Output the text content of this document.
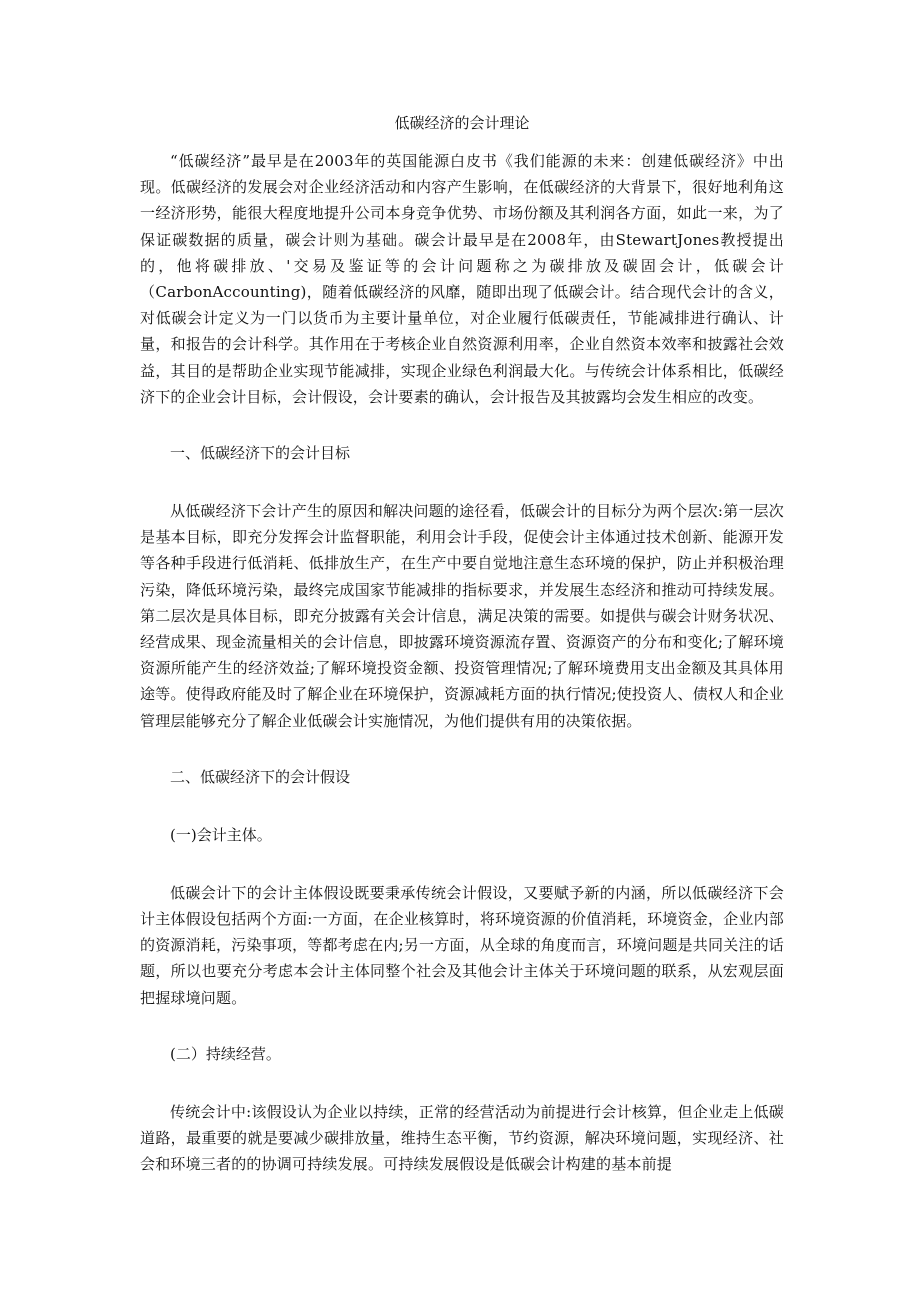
低碳经济的会计理论

“低碳经济”最早是在2003年的英国能源白皮书《我们能源的未来：创建低碳经济》中出现。低碳经济的发展会对企业经济活动和内容产生影响，在低碳经济的大背景下，很好地利角这一经济形势，能很大程度地提升公司本身竞争优势、市场份额及其利润各方面，如此一来，为了保证碳数据的质量，碳会计则为基础。碳会计最早是在2008年，由StewartJones教授提出的，他将碳排放、'交易及鉴证等的会计问题称之为碳排放及碳固会计，低碳会计（CarbonAccounting)，随着低碳经济的风靡，随即出现了低碳会计。结合现代会计的含义，对低碳会计定义为一门以货币为主要计量单位，对企业履行低碳责任，节能减排进行确认、计量，和报告的会计科学。其作用在于考核企业自然资源利用率，企业自然资本效率和披露社会效益，其目的是帮助企业实现节能减排，实现企业绿色利润最大化。与传统会计体系相比，低碳经济下的企业会计目标，会计假设，会计要素的确认，会计报告及其披露均会发生相应的改变。

一、低碳经济下的会计目标

从低碳经济下会计产生的原因和解决问题的途径看，低碳会计的目标分为两个层次:第一层次是基本目标，即充分发挥会计监督职能，利用会计手段，促使会计主体通过技术创新、能源开发等各种手段进行低消耗、低排放生产，在生产中要自觉地注意生态环境的保护，防止并积极治理污染，降低环境污染，最终完成国家节能减排的指标要求，并发展生态经济和推动可持续发展。第二层次是具体目标，即充分披露有关会计信息，满足决策的需要。如提供与碳会计财务状况、经营成果、现金流量相关的会计信息，即披露环境资源流存置、资源资产的分布和变化;了解环境资源所能产生的经济效益;了解环境投资金额、投资管理情况;了解环境费用支出金额及其具体用途等。使得政府能及时了解企业在环境保护，资源减耗方面的执行情况;使投资人、债权人和企业管理层能够充分了解企业低碳会计实施情况，为他们提供有用的决策依据。

二、低碳经济下的会计假设

(一)会计主体。

低碳会计下的会计主体假设既要秉承传统会计假设，又要赋予新的内涵，所以低碳经济下会计主体假设包括两个方面:一方面，在企业核算时，将环境资源的价值消耗，环境资金，企业内部的资源消耗，污染事项，等都考虑在内;另一方面，从全球的角度而言，环境问题是共同关注的话题，所以也要充分考虑本会计主体同整个社会及其他会计主体关于环境问题的联系，从宏观层面把握球境问题。

(二）持续经营。

传统会计中:该假设认为企业以持续，正常的经营活动为前提进行会计核算，但企业走上低碳道路，最重要的就是要减少碳排放量，维持生态平衡，节约资源，解决环境问题，实现经济、社会和环境三者的的协调可持续发展。可持续发展假设是低碳会计构建的基本前提
